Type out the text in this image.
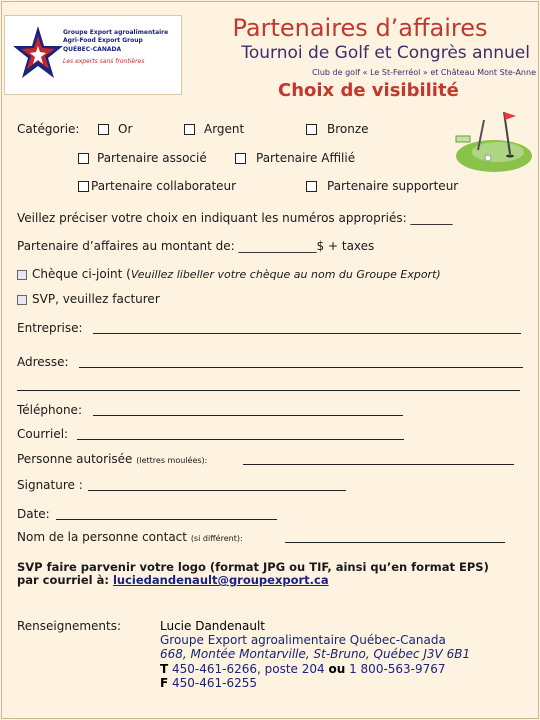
Groupe Export agroalimentaire
Agri-Food Export Group
QUÉBEC-CANADA
Les experts sans frontières
Partenaires d’affaires
Tournoi de Golf et Congrès annuel
Club de golf « Le St-Ferréol » et Château Mont Ste-Anne
Choix de visibilité
Catégorie:	Or	Argent	Bronze
Partenaire associé	Partenaire Affilié
Partenaire collaborateur	Partenaire supporteur
Veillez préciser votre choix en indiquant les numéros appropriés: _______
Partenaire d’affaires au montant de: _____________$ + taxes
Chèque ci-joint (Veuillez libeller votre chèque au nom du Groupe Export)
SVP, veuillez facturer
Entreprise:
Adresse:
Téléphone:
Courriel:
Personne autorisée (lettres moulées):
Signature :
Date:
Nom de la personne contact (si différent):
SVP faire parvenir votre logo (format JPG ou TIF, ainsi qu’en format EPS)
par courriel à: luciedandenault@groupexport.ca
Renseignements:	Lucie Dandenault
Groupe Export agroalimentaire Québec-Canada
668, Montée Montarville, St-Bruno, Québec J3V 6B1
T 450-461-6266, poste 204 ou 1 800-563-9767
F 450-461-6255
